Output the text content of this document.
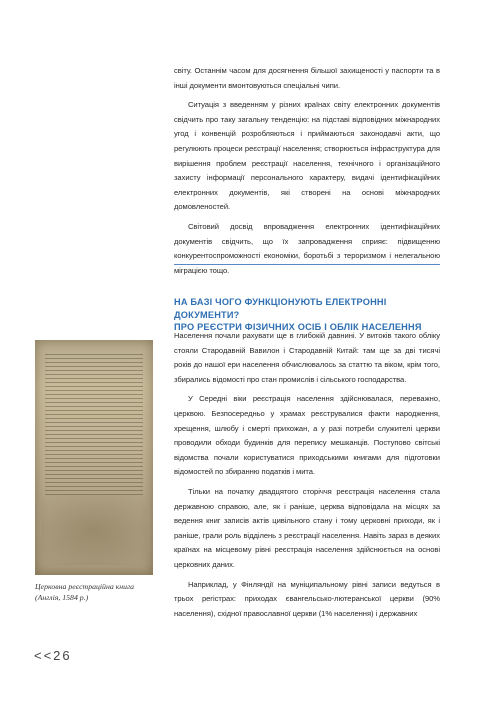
світу. Останнім часом для досягнення більшої захищеності у паспорти та в інші документи вмонтовуються спеціальні чипи.

Ситуація з введенням у різних країнах світу електронних документів свідчить про таку загальну тенденцію: на підставі відповідних міжнародних угод і конвенцій розробляються і приймаються законодавчі акти, що регулюють процеси реєстрації населення; створюється інфраструктура для вирішення проблем реєстрації населення, технічного і організаційного захисту інформації персонального характеру, видачі ідентифікаційних електронних документів, які створені на основі міжнародних домовленостей.

Світовий досвід впровадження електронних ідентифікаційних документів свідчить, що їх запровадження сприяє: підвищенню конкурентоспроможності економіки, боротьбі з тероризмом і нелегальною міграцією тощо.

НА БАЗІ ЧОГО ФУНКЦІОНУЮТЬ ЕЛЕКТРОННІ ДОКУМЕНТИ?
ПРО РЕЄСТРИ ФІЗИЧНИХ ОСІБ І ОБЛІК НАСЕЛЕННЯ

Населення почали рахувати ще в глибокій давнині. У витоків такого обліку стояли Стародавній Вавилон і Стародавній Китай: там ще за дві тисячі років до нашої ери населення обчислювалось за статтю та віком, крім того, збирались відомості про стан промислів і сільського господарства.

У Середні віки реєстрація населення здійснювалася, переважно, церквою. Безпосередньо у храмах реєструвалися факти народження, хрещення, шлюбу і смерті прихожан, а у разі потреби служителі церкви проводили обходи будинків для перепису мешканців. Поступово світські відомства почали користуватися приходськими книгами для підготовки відомостей по збиранню податків і мита.

Тільки на початку двадцятого сторіччя реєстрація населення стала державною справою, але, як і раніше, церква відповідала на місцях за ведення книг записів актів цивільного стану і тому церковні приходи, як і раніше, грали роль відділень з реєстрації населення. Навіть зараз в деяких країнах на місцевому рівні реєстрація населення здійснюється на основі церковних даних.

Наприклад, у Фінляндії на муніципальному рівні записи ведуться в трьох регістрах: приходах євангельсько-лютеранської церкви (90% населення), східної православної церкви (1% населення) і державних

Церковна реєстраційна книга
(Англія, 1584 р.)

<<26
